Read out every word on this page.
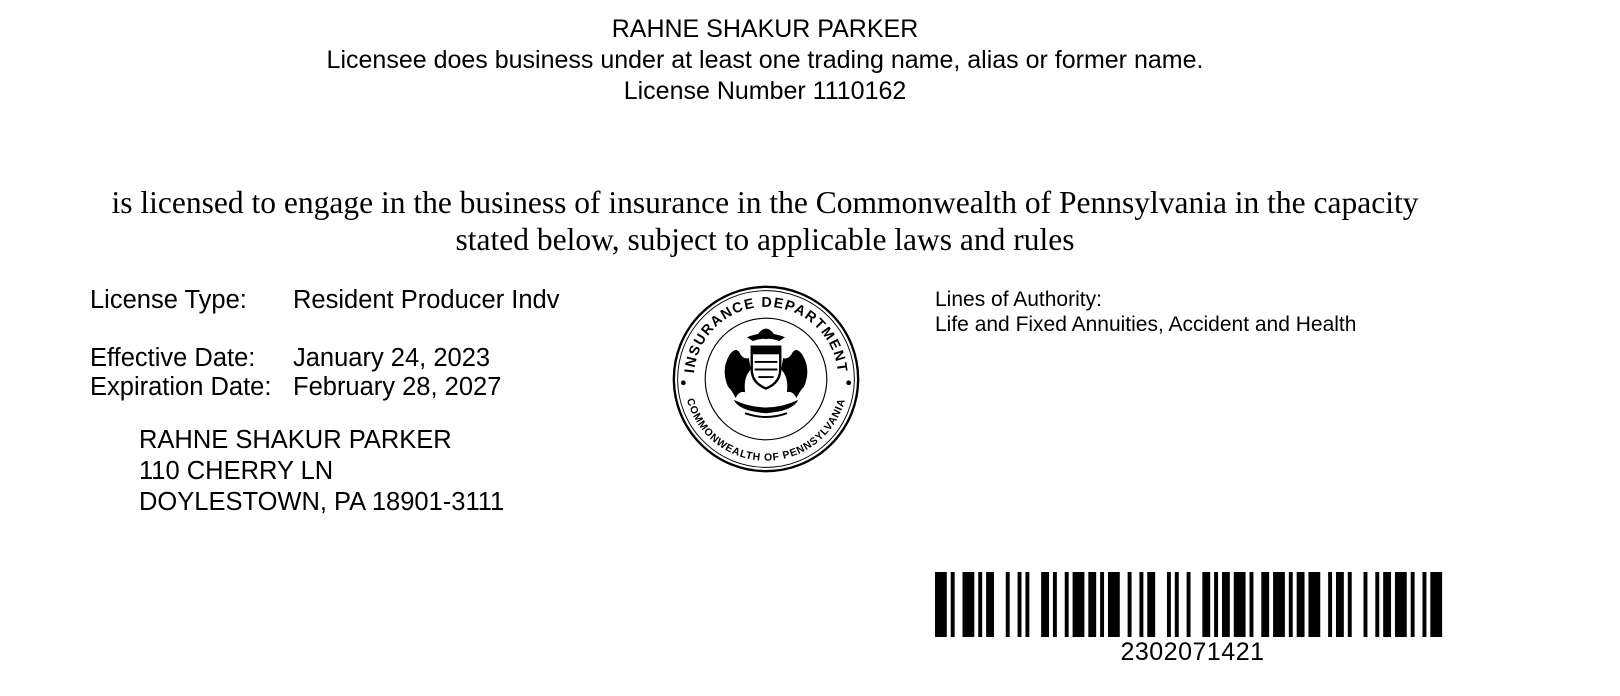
RAHNE SHAKUR PARKER
Licensee does business under at least one trading name, alias or former name.
License Number 1110162
is licensed to engage in the business of insurance in the Commonwealth of Pennsylvania in the capacity
stated below, subject to applicable laws and rules
License Type: Resident Producer Indv
Effective Date: January 24, 2023
Expiration Date: February 28, 2027
RAHNE SHAKUR PARKER
110 CHERRY LN
DOYLESTOWN, PA 18901-3111
INSURANCE DEPARTMENT
COMMONWEALTH OF PENNSYLVANIA
Lines of Authority:
Life and Fixed Annuities, Accident and Health
2302071421
